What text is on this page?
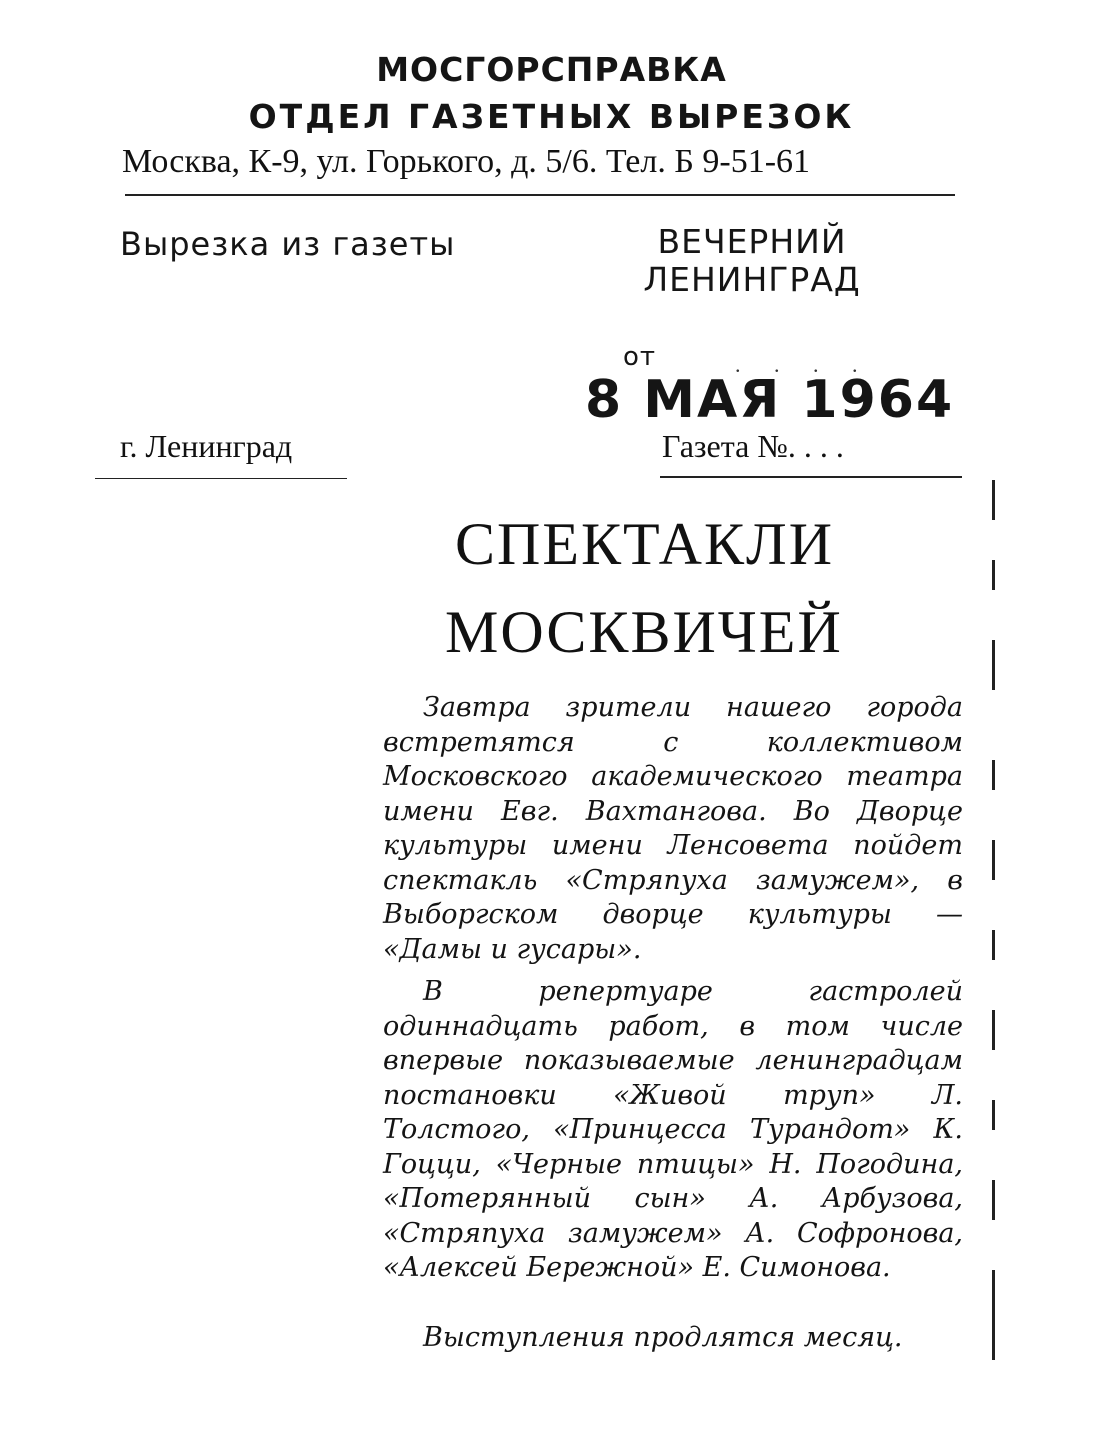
МОСГОРСПРАВКА
ОТДЕЛ ГАЗЕТНЫХ ВЫРЕЗОК
Москва, К-9, ул. Горького, д. 5/6. Тел. Б 9-51-61
Вырезка из газеты	ВЕЧЕРНИЙ
ЛЕНИНГРАД
от	. . . .
8 МАЯ 1964
г. Ленинград	Газета №. . . .
СПЕКТАКЛИ
МОСКВИЧЕЙ
Завтра зрители нашего города встретятся с коллективом Московского академического театра имени Евг. Вахтангова. Во Дворце культуры имени Ленсовета пойдет спектакль «Стряпуха замужем», в Выборгском дворце культуры — «Дамы и гусары».
В репертуаре гастролей одиннадцать работ, в том числе впервые показываемые ленинградцам постановки «Живой труп» Л. Толстого, «Принцесса Турандот» К. Гоцци, «Черные птицы» Н. Погодина, «Потерянный сын» А. Арбузова, «Стряпуха замужем» А. Софронова, «Алексей Бережной» Е. Симонова.
Выступления продлятся месяц.
